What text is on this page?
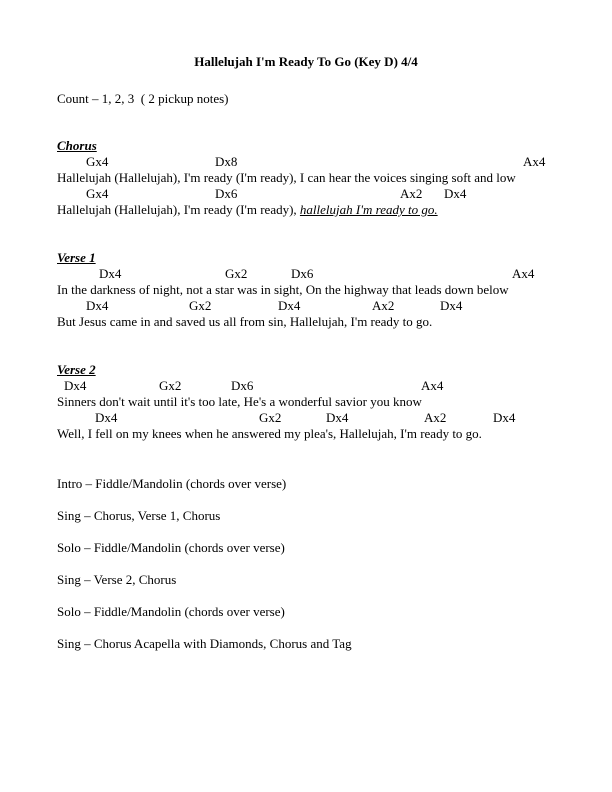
Hallelujah I'm Ready To Go (Key D) 4/4
Count – 1, 2, 3  ( 2 pickup notes)
Chorus
Gx4	Dx8	Ax4
Hallelujah (Hallelujah), I'm ready (I'm ready), I can hear the voices singing soft and low
Gx4	Dx6	Ax2 Dx4
Hallelujah (Hallelujah), I'm ready (I'm ready), hallelujah I'm ready to go.
Verse 1
Dx4	Gx2	Dx6	Ax4
In the darkness of night, not a star was in sight, On the highway that leads down below
Dx4	Gx2	Dx4	Ax2	Dx4
But Jesus came in and saved us all from sin, Hallelujah, I'm ready to go.
Verse 2
Dx4	Gx2	Dx6	Ax4
Sinners don't wait until it's too late, He's a wonderful savior you know
Dx4	Gx2	Dx4	Ax2	Dx4
Well, I fell on my knees when he answered my plea's, Hallelujah, I'm ready to go.
Intro – Fiddle/Mandolin (chords over verse)
Sing – Chorus, Verse 1, Chorus
Solo – Fiddle/Mandolin (chords over verse)
Sing – Verse 2, Chorus
Solo – Fiddle/Mandolin (chords over verse)
Sing – Chorus Acapella with Diamonds, Chorus and Tag
